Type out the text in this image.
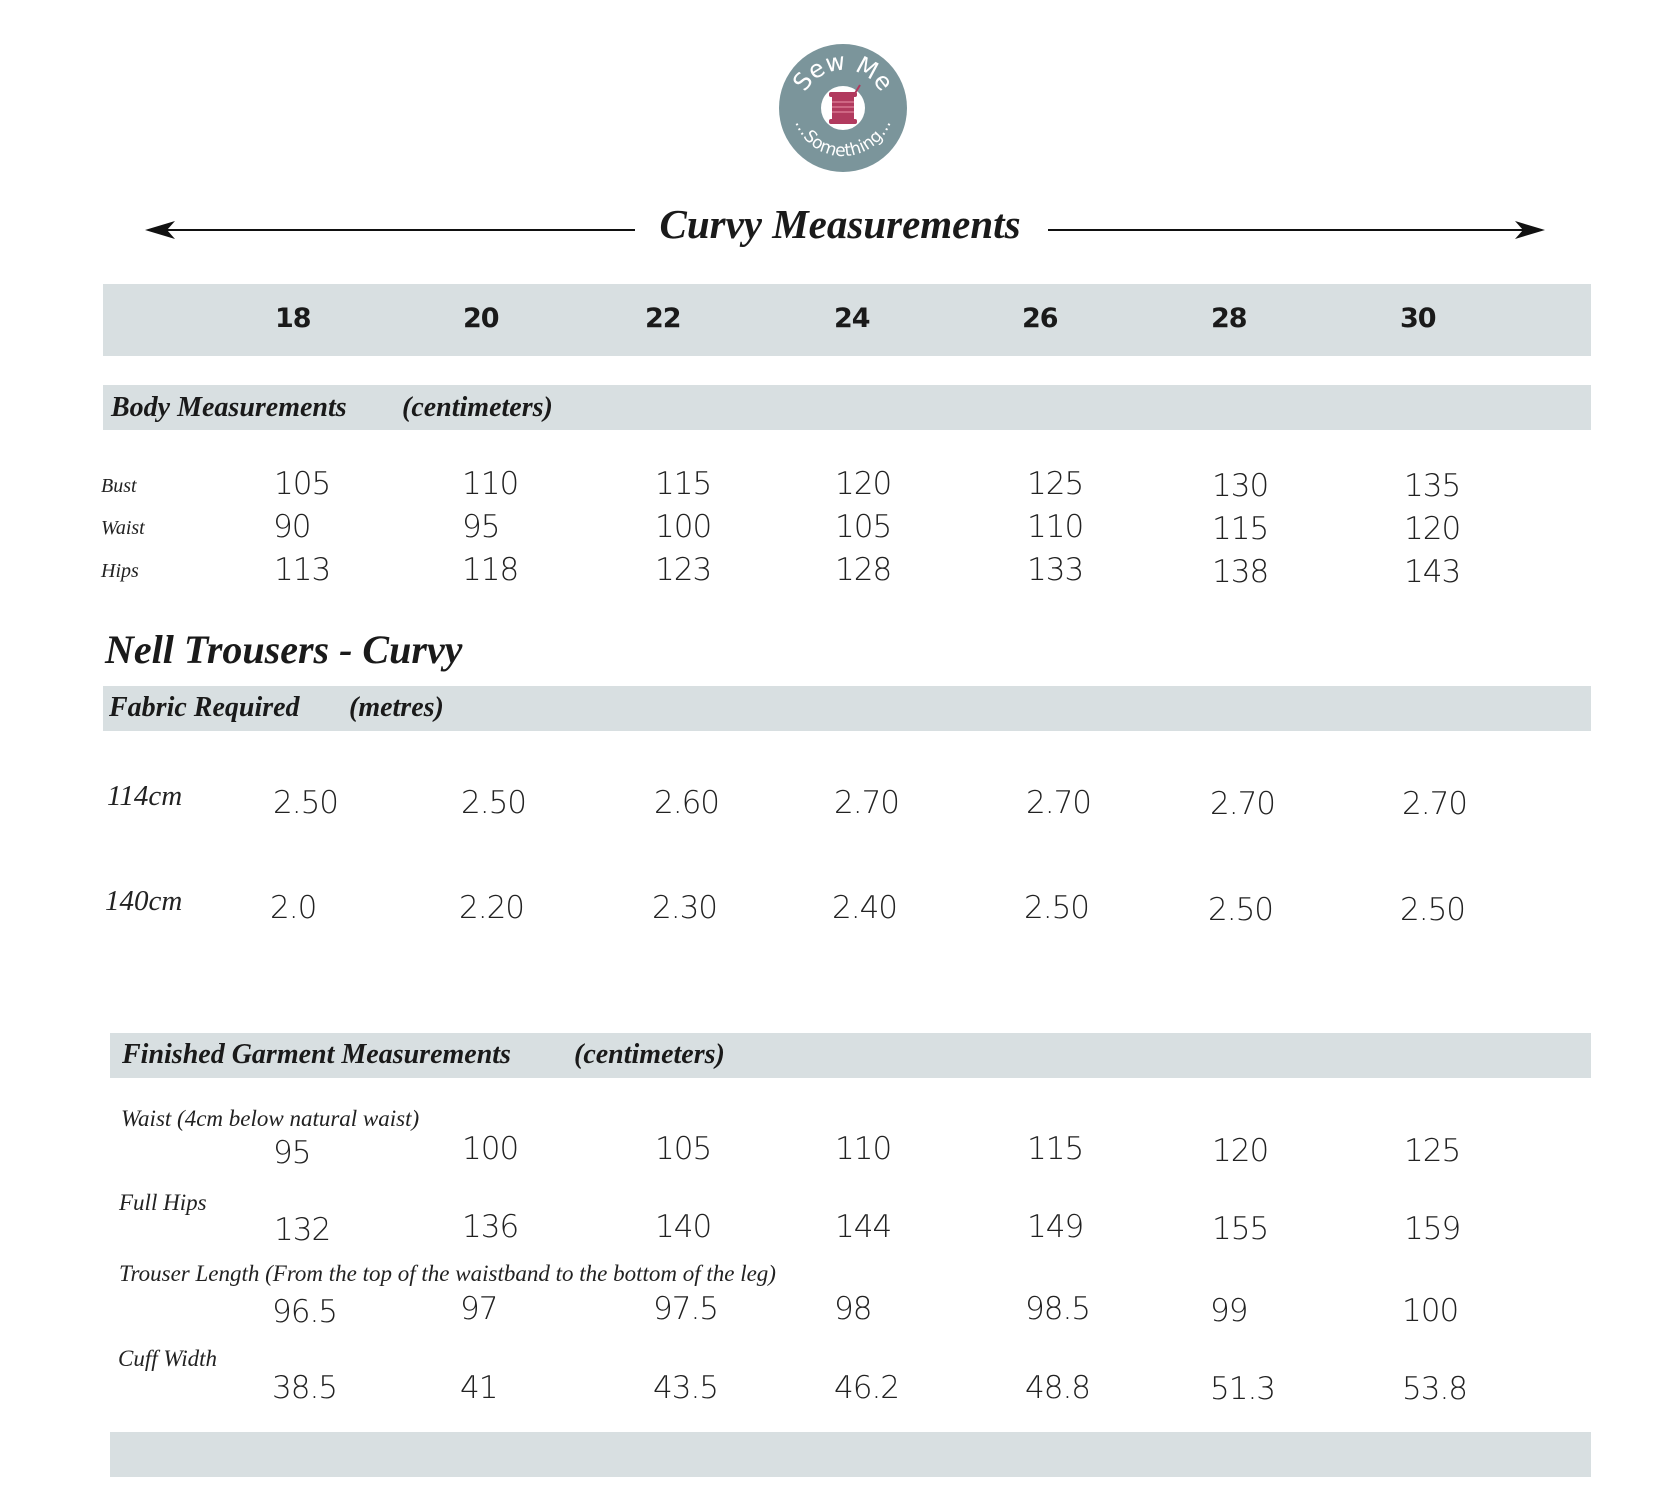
Sew Me
...Something...
Curvy Measurements
18	20	22	24	26	28	30
Body Measurements (centimeters)
Bust	105	110	115	120	125	130	135
Waist	90	95	100	105	110	115	120
Hips	113	118	123	128	133	138	143
Nell Trousers - Curvy
Fabric Required (metres)
114cm	2.50	2.50	2.60	2.70	2.70	2.70	2.70
140cm	2.0	2.20	2.30	2.40	2.50	2.50	2.50
Finished Garment Measurements (centimeters)
Waist (4cm below natural waist)
95	100	105	110	115	120	125
Full Hips
132	136	140	144	149	155	159
Trouser Length (From the top of the waistband to the bottom of the leg)
96.5	97	97.5	98	98.5	99	100
Cuff Width
38.5	41	43.5	46.2	48.8	51.3	53.8
